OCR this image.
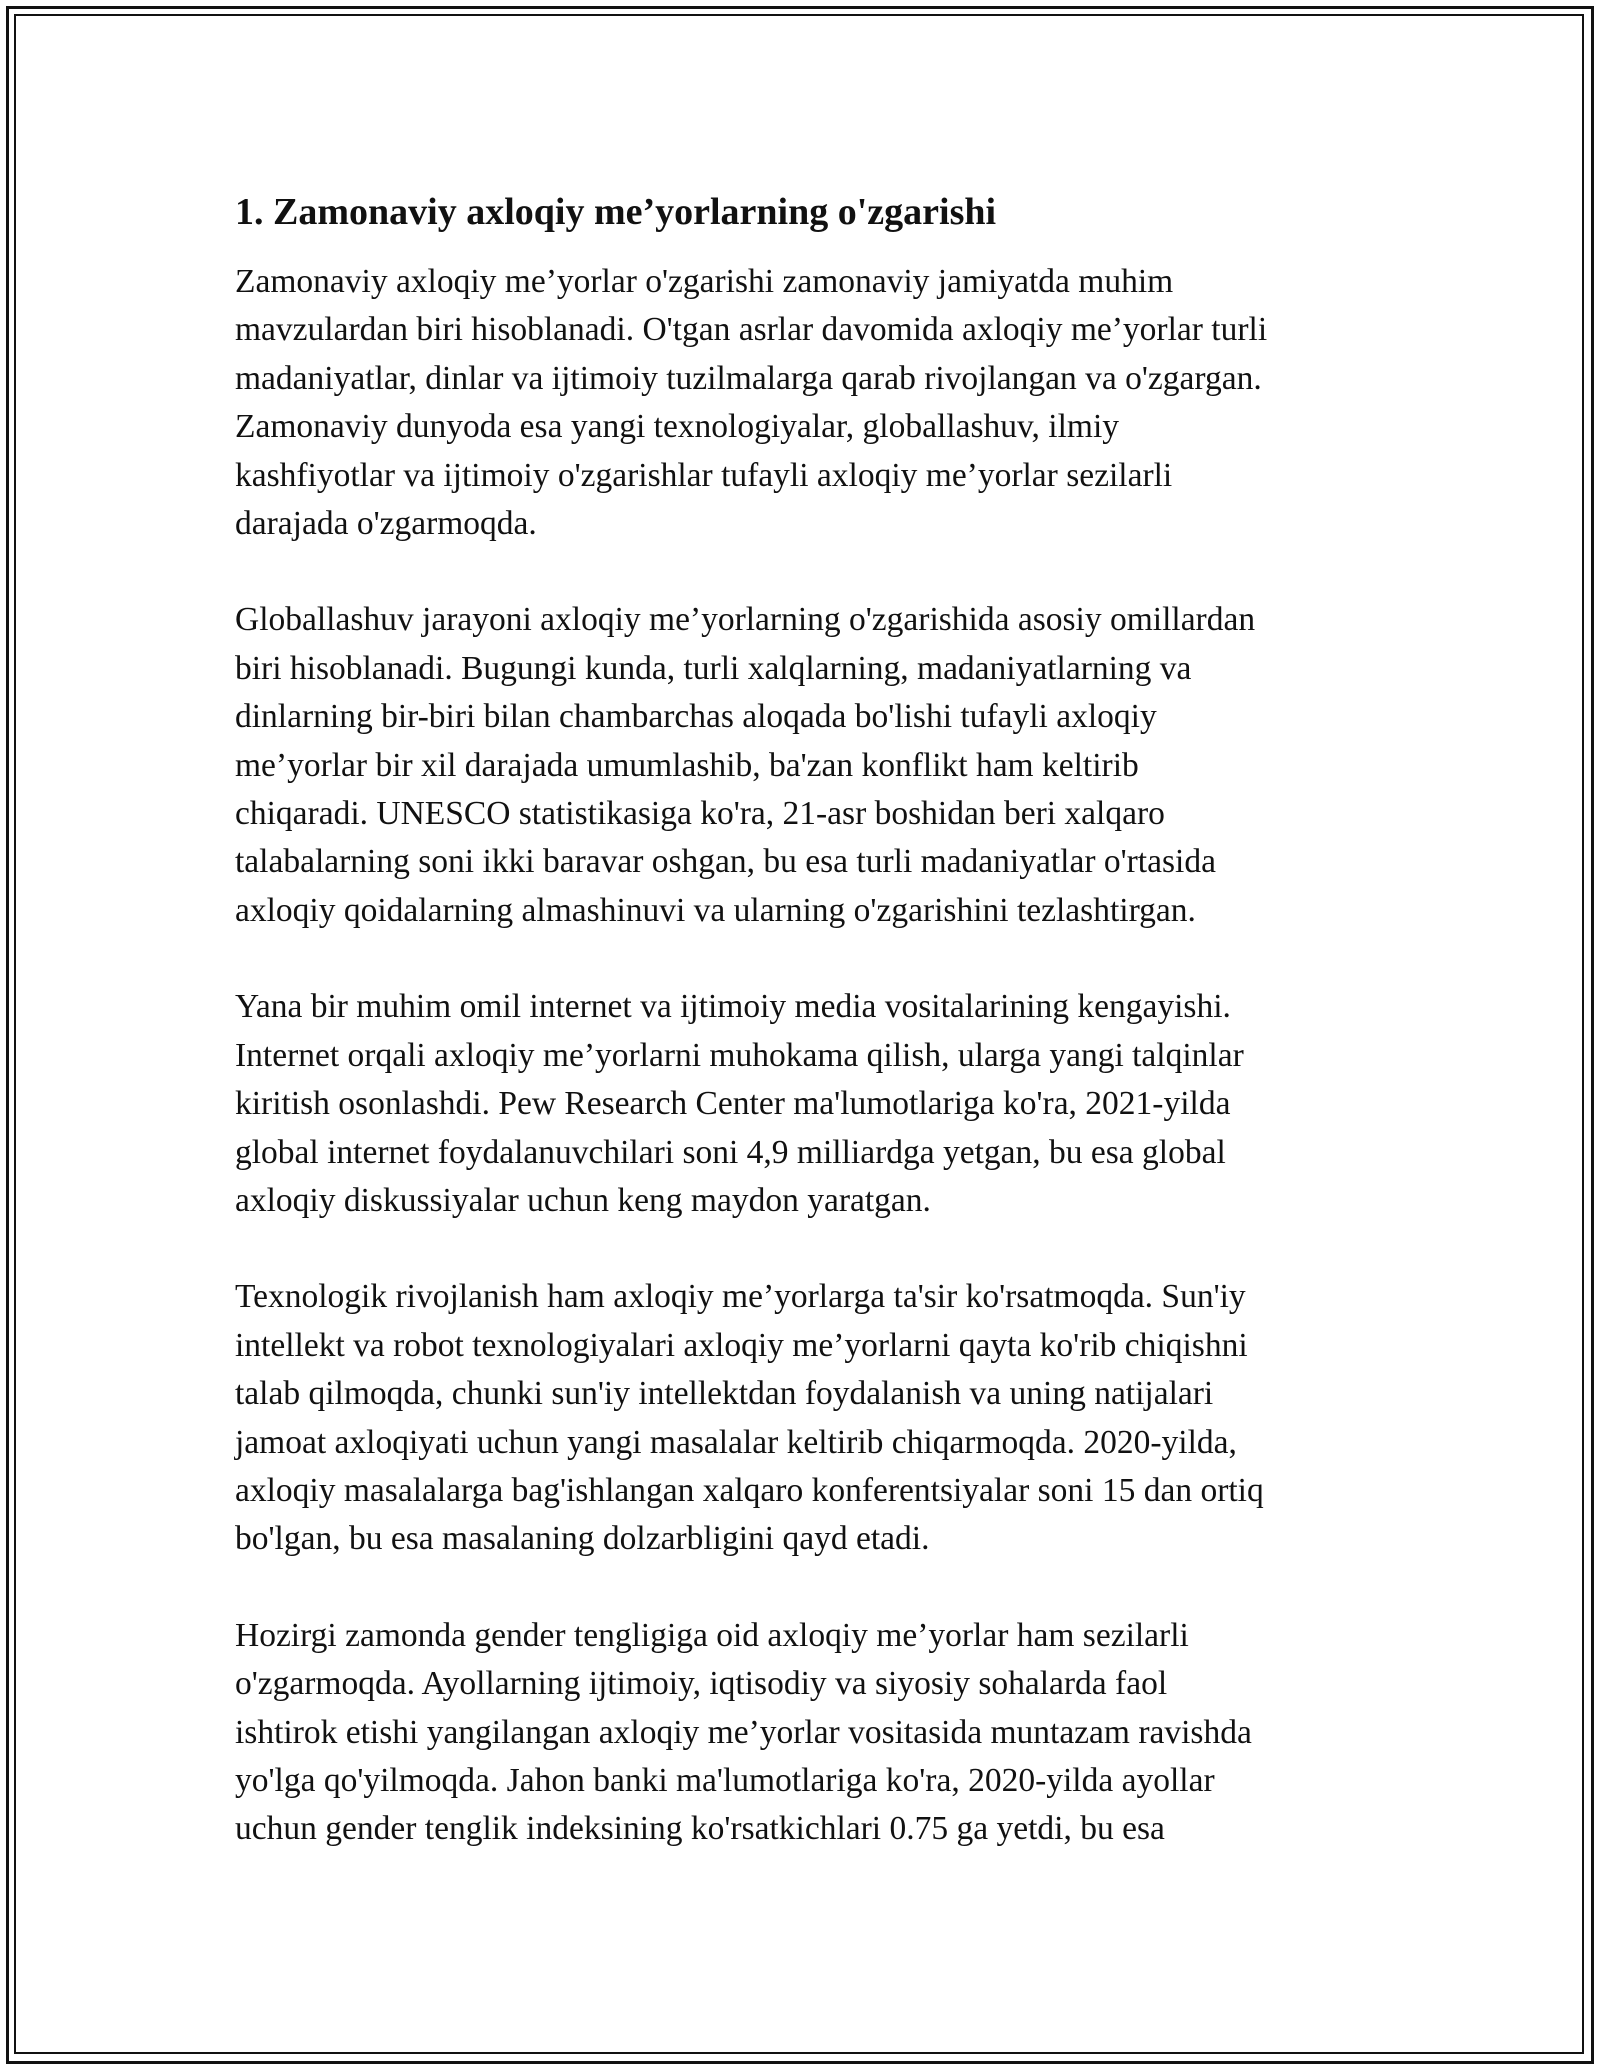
1. Zamonaviy axloqiy me’yorlarning o'zgarishi

Zamonaviy axloqiy me’yorlar o'zgarishi zamonaviy jamiyatda muhim
mavzulardan biri hisoblanadi. O'tgan asrlar davomida axloqiy me’yorlar turli
madaniyatlar, dinlar va ijtimoiy tuzilmalarga qarab rivojlangan va o'zgargan.
Zamonaviy dunyoda esa yangi texnologiyalar, globallashuv, ilmiy
kashfiyotlar va ijtimoiy o'zgarishlar tufayli axloqiy me’yorlar sezilarli
darajada o'zgarmoqda.

Globallashuv jarayoni axloqiy me’yorlarning o'zgarishida asosiy omillardan
biri hisoblanadi. Bugungi kunda, turli xalqlarning, madaniyatlarning va
dinlarning bir-biri bilan chambarchas aloqada bo'lishi tufayli axloqiy
me’yorlar bir xil darajada umumlashib, ba'zan konflikt ham keltirib
chiqaradi. UNESCO statistikasiga ko'ra, 21-asr boshidan beri xalqaro
talabalarning soni ikki baravar oshgan, bu esa turli madaniyatlar o'rtasida
axloqiy qoidalarning almashinuvi va ularning o'zgarishini tezlashtirgan.

Yana bir muhim omil internet va ijtimoiy media vositalarining kengayishi.
Internet orqali axloqiy me’yorlarni muhokama qilish, ularga yangi talqinlar
kiritish osonlashdi. Pew Research Center ma'lumotlariga ko'ra, 2021-yilda
global internet foydalanuvchilari soni 4,9 milliardga yetgan, bu esa global
axloqiy diskussiyalar uchun keng maydon yaratgan.

Texnologik rivojlanish ham axloqiy me’yorlarga ta'sir ko'rsatmoqda. Sun'iy
intellekt va robot texnologiyalari axloqiy me’yorlarni qayta ko'rib chiqishni
talab qilmoqda, chunki sun'iy intellektdan foydalanish va uning natijalari
jamoat axloqiyati uchun yangi masalalar keltirib chiqarmoqda. 2020-yilda,
axloqiy masalalarga bag'ishlangan xalqaro konferentsiyalar soni 15 dan ortiq
bo'lgan, bu esa masalaning dolzarbligini qayd etadi.

Hozirgi zamonda gender tengligiga oid axloqiy me’yorlar ham sezilarli
o'zgarmoqda. Ayollarning ijtimoiy, iqtisodiy va siyosiy sohalarda faol
ishtirok etishi yangilangan axloqiy me’yorlar vositasida muntazam ravishda
yo'lga qo'yilmoqda. Jahon banki ma'lumotlariga ko'ra, 2020-yilda ayollar
uchun gender tenglik indeksining ko'rsatkichlari 0.75 ga yetdi, bu esa
